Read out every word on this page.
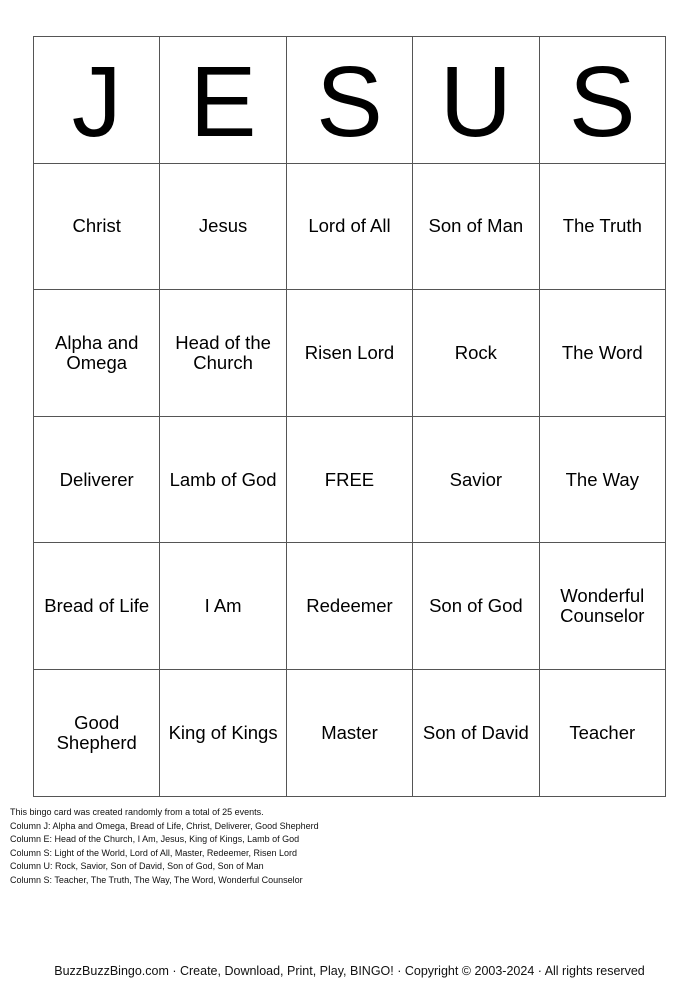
J	E	S	U	S
Christ	Jesus	Lord of All	Son of Man	The Truth
Alpha and Omega	Head of the Church	Risen Lord	Rock	The Word
Deliverer	Lamb of God	FREE	Savior	The Way
Bread of Life	I Am	Redeemer	Son of God	Wonderful Counselor
Good Shepherd	King of Kings	Master	Son of David	Teacher
This bingo card was created randomly from a total of 25 events.
Column J: Alpha and Omega, Bread of Life, Christ, Deliverer, Good Shepherd
Column E: Head of the Church, I Am, Jesus, King of Kings, Lamb of God
Column S: Light of the World, Lord of All, Master, Redeemer, Risen Lord
Column U: Rock, Savior, Son of David, Son of God, Son of Man
Column S: Teacher, The Truth, The Way, The Word, Wonderful Counselor
BuzzBuzzBingo.com · Create, Download, Print, Play, BINGO! · Copyright © 2003-2024 · All rights reserved
